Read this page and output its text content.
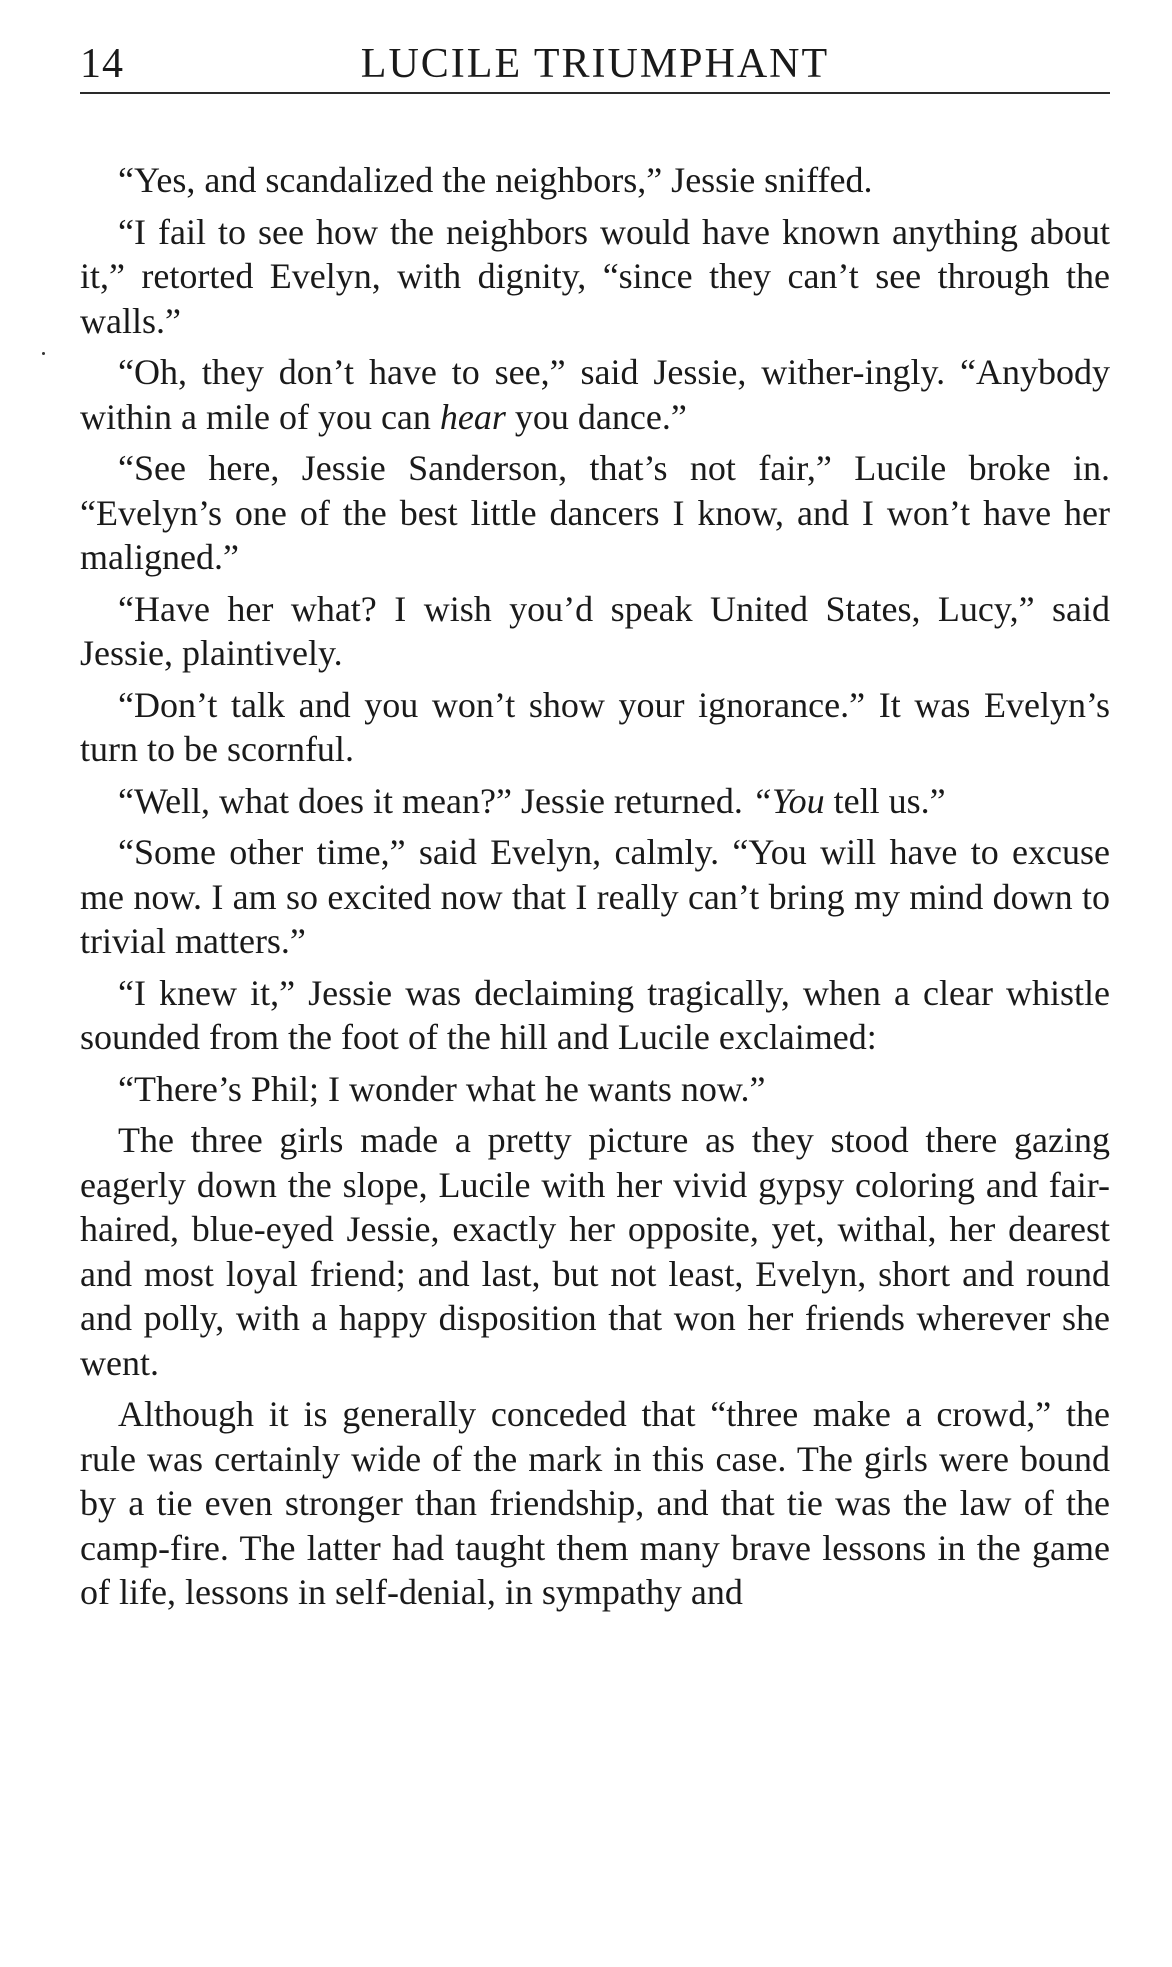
14	LUCILE TRIUMPHANT

“Yes, and scandalized the neighbors,” Jessie sniffed.

“I fail to see how the neighbors would have known anything about it,” retorted Evelyn, with dignity, “since they can’t see through the walls.”

“Oh, they don’t have to see,” said Jessie, wither-ingly. “Anybody within a mile of you can hear you dance.”

“See here, Jessie Sanderson, that’s not fair,” Lucile broke in. “Evelyn’s one of the best little dancers I know, and I won’t have her maligned.”

“Have her what? I wish you’d speak United States, Lucy,” said Jessie, plaintively.

“Don’t talk and you won’t show your ignorance.” It was Evelyn’s turn to be scornful.

“Well, what does it mean?” Jessie returned. “You tell us.”

“Some other time,” said Evelyn, calmly. “You will have to excuse me now. I am so excited now that I really can’t bring my mind down to trivial matters.”

“I knew it,” Jessie was declaiming tragically, when a clear whistle sounded from the foot of the hill and Lucile exclaimed:

“There’s Phil; I wonder what he wants now.”

The three girls made a pretty picture as they stood there gazing eagerly down the slope, Lucile with her vivid gypsy coloring and fair-haired, blue-eyed Jessie, exactly her opposite, yet, withal, her dearest and most loyal friend; and last, but not least, Evelyn, short and round and polly, with a happy disposition that won her friends wherever she went.

Although it is generally conceded that “three make a crowd,” the rule was certainly wide of the mark in this case. The girls were bound by a tie even stronger than friendship, and that tie was the law of the camp-fire. The latter had taught them many brave lessons in the game of life, lessons in self-denial, in sympathy and
